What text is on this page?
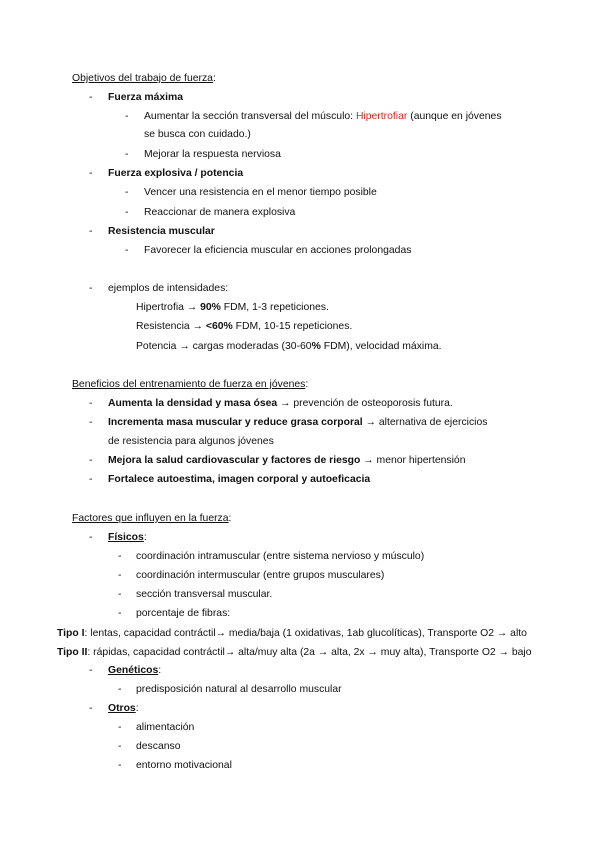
Objetivos del trabajo de fuerza:
- Fuerza máxima
- Aumentar la sección transversal del músculo: Hipertrofiar (aunque en jóvenes
se busca con cuidado.)
- Mejorar la respuesta nerviosa
- Fuerza explosiva / potencia
- Vencer una resistencia en el menor tiempo posible
- Reaccionar de manera explosiva
- Resistencia muscular
- Favorecer la eficiencia muscular en acciones prolongadas
- ejemplos de intensidades:
Hipertrofia → 90% FDM, 1-3 repeticiones.
Resistencia → <60% FDM, 10-15 repeticiones.
Potencia → cargas moderadas (30-60% FDM), velocidad máxima.
Beneficios del entrenamiento de fuerza en jóvenes:
- Aumenta la densidad y masa ósea → prevención de osteoporosis futura.
- Incrementa masa muscular y reduce grasa corporal → alternativa de ejercicios
de resistencia para algunos jóvenes
- Mejora la salud cardiovascular y factores de riesgo → menor hipertensión
- Fortalece autoestima, imagen corporal y autoeficacia
Factores que influyen en la fuerza:
- Físicos:
- coordinación intramuscular (entre sistema nervioso y músculo)
- coordinación intermuscular (entre grupos musculares)
- sección transversal muscular.
- porcentaje de fibras:
Tipo I: lentas, capacidad contráctil→ media/baja (1 oxidativas, 1ab glucolíticas), Transporte O2 → alto
Tipo II: rápidas, capacidad contráctil→ alta/muy alta (2a → alta, 2x → muy alta), Transporte O2 → bajo
- Genéticos:
- predisposición natural al desarrollo muscular
- Otros:
- alimentación
- descanso
- entorno motivacional
